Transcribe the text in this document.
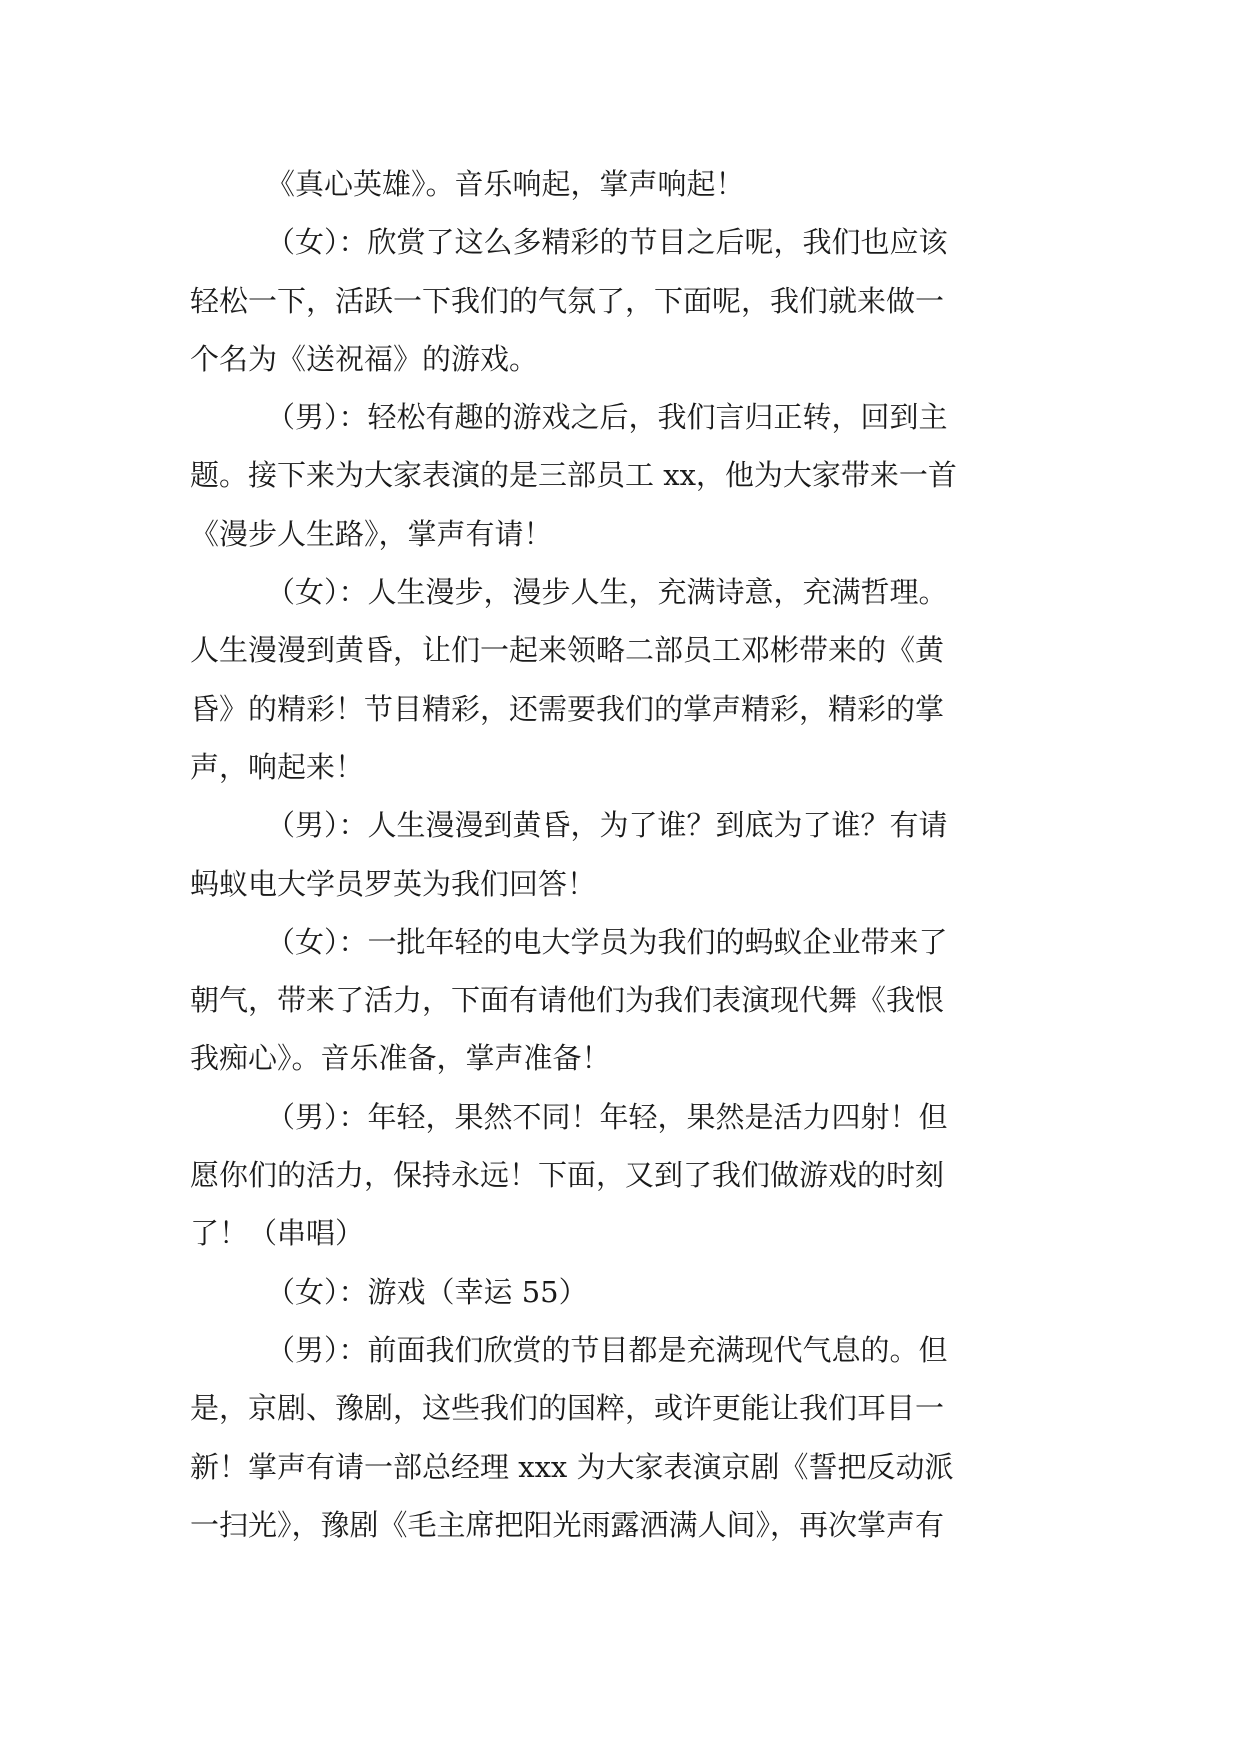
《真心英雄》。音乐响起，掌声响起！
（女）：欣赏了这么多精彩的节目之后呢，我们也应该
轻松一下，活跃一下我们的气氛了，下面呢，我们就来做一
个名为《送祝福》的游戏。
（男）：轻松有趣的游戏之后，我们言归正转，回到主
题。接下来为大家表演的是三部员工 xx，他为大家带来一首
《漫步人生路》，掌声有请！
（女）：人生漫步，漫步人生，充满诗意，充满哲理。
人生漫漫到黄昏，让们一起来领略二部员工邓彬带来的《黄
昏》的精彩！节目精彩，还需要我们的掌声精彩，精彩的掌
声，响起来！
（男）：人生漫漫到黄昏，为了谁？到底为了谁？有请
蚂蚁电大学员罗英为我们回答！
（女）：一批年轻的电大学员为我们的蚂蚁企业带来了
朝气，带来了活力，下面有请他们为我们表演现代舞《我恨
我痴心》。音乐准备，掌声准备！
（男）：年轻，果然不同！年轻，果然是活力四射！但
愿你们的活力，保持永远！下面，又到了我们做游戏的时刻
了！（串唱）
（女）：游戏（幸运 55）
（男）：前面我们欣赏的节目都是充满现代气息的。但
是，京剧、豫剧，这些我们的国粹，或许更能让我们耳目一
新！掌声有请一部总经理 xxx 为大家表演京剧《誓把反动派
一扫光》，豫剧《毛主席把阳光雨露洒满人间》，再次掌声有
